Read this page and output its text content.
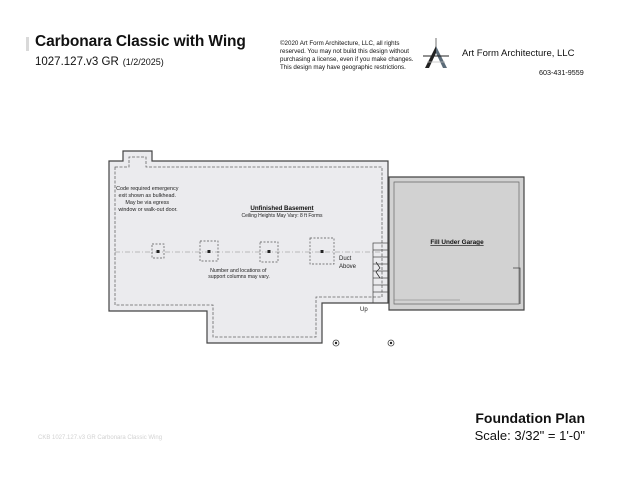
Carbonara Classic with Wing
1027.127.v3 GR (1/2/2025)
©2020 Art Form Architecture, LLC, all rights
reserved. You may not build this design without
purchasing a license, even if you make changes.
This design may have geographic restrictions.
Art Form Architecture, LLC
603-431-9559
Code required emergency exit shown as bulkhead. May be via egress window or walk-out door.	Unfinished Basement
Ceiling Heights May Vary: 8 ft Forms
Number and locations of support columns may vary.
Duct
Above
Up
Fill Under Garage
CKB 1027.127.v3 GR Carbonara Classic Wing
Foundation Plan
Scale: 3/32" = 1'-0"
